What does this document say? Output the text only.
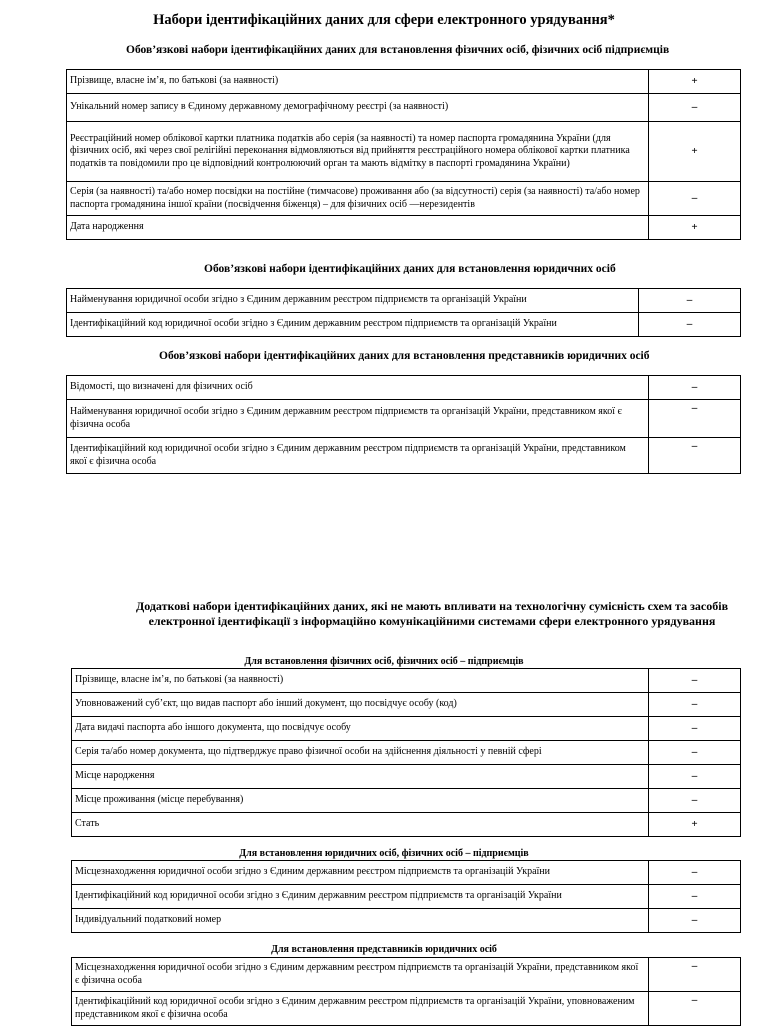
Набори ідентифікаційних даних для сфери електронного урядування*
Обов’язкові набори ідентифікаційних даних для встановлення фізичних осіб, фізичних осіб підприємців
Прізвище, власне ім’я, по батькові (за наявності)	+
Унікальний номер запису в Єдиному державному демографічному реєстрі (за наявності)	–
Реєстраційний номер облікової картки платника податків або серія (за наявності) та номер паспорта громадянина України (для фізичних осіб, які через свої релігійні переконання відмовляються від прийняття реєстраційного номера облікової картки платника податків та повідомили про це відповідний контролюючий орган та мають відмітку в паспорті громадянина України)	+
Серія (за наявності) та/або номер посвідки на постійне (тимчасове) проживання або (за відсутності) серія (за наявності) та/або номер паспорта громадянина іншої країни (посвідчення біженця) – для фізичних осіб —нерезидентів	–
Дата народження	+
Обов’язкові набори ідентифікаційних даних для встановлення юридичних осіб
Найменування юридичної особи згідно з Єдиним державним реєстром підприємств та організацій України	–
Ідентифікаційний код юридичної особи згідно з Єдиним державним реєстром підприємств та організацій України	–
Обов’язкові набори ідентифікаційних даних для встановлення представників юридичних осіб
Відомості, що визначені для фізичних осіб	–
Найменування юридичної особи згідно з Єдиним державним реєстром підприємств та організацій України, представником якої є фізична особа	–
Ідентифікаційний код юридичної особи згідно з Єдиним державним реєстром підприємств та організацій України, представником якої є фізична особа	–
Додаткові набори ідентифікаційних даних, які не мають впливати на технологічну сумісність схем та засобів електронної ідентифікації з інформаційно комунікаційними системами сфери електронного урядування
Для встановлення фізичних осіб, фізичних осіб – підприємців
Прізвище, власне ім’я, по батькові (за наявності)	–
Уповноважений суб’єкт, що видав паспорт або інший документ, що посвідчує особу (код)	–
Дата видачі паспорта або іншого документа, що посвідчує особу	–
Серія та/або номер документа, що підтверджує право фізичної особи на здійснення діяльності у певній сфері	–
Місце народження	–
Місце проживання (місце перебування)	–
Стать	+
Для встановлення юридичних осіб, фізичних осіб – підприємців
Місцезнаходження юридичної особи згідно з Єдиним державним реєстром підприємств та організацій України	–
Ідентифікаційний код юридичної особи згідно з Єдиним державним реєстром підприємств та організацій України	–
Індивідуальний податковий номер	–
Для встановлення представників юридичних осіб
Місцезнаходження юридичної особи згідно з Єдиним державним реєстром підприємств та організацій України, представником якої є фізична особа	–
Ідентифікаційний код юридичної особи згідно з Єдиним державним реєстром підприємств та організацій України, уповноваженим представником якої є фізична особа	–
